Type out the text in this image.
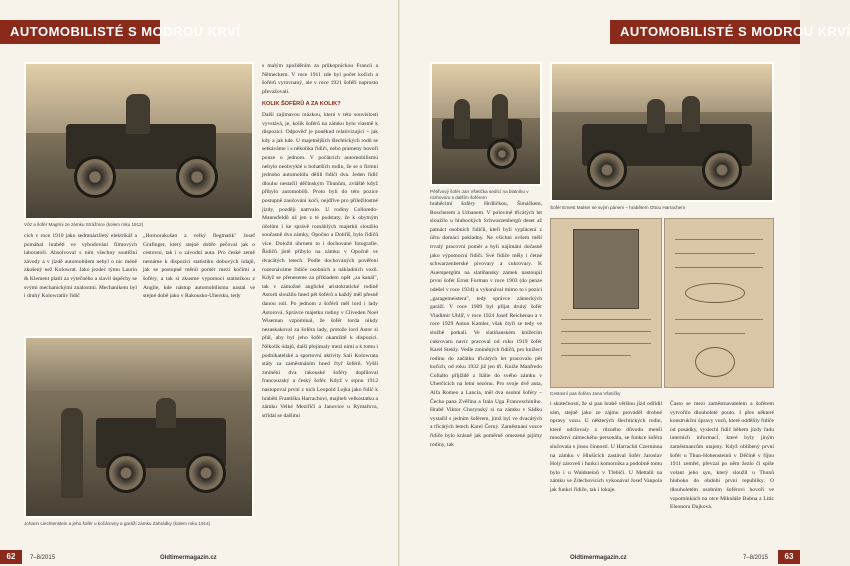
AUTOMOBILISTÉ S MODROU KRVÍ
Vůz a šofér Magrini ze zámku Strážnice (kolem roku 1912)

cích v roce 1910 jako sedmnáctiletý elektrikář a pomáhal hraběti ve vybudování filmových laboratoří. Absolvoval s ním všechny soutěžní závody a v jízdě automobilem nebyl o nic méně zkušený než Kolowrat. Jako jezdec týmu Laurin & Klement platil za výtečného a slavil úspěchy se svými mechanickými znalostmi. Mechanikem byl i druhý Kolowratův řidič

„Hornorakušan a velký flegmatik" Josef Grafinger, který stejně dobře pečoval jak o cestovní, tak i o závodní auta. Pro české země nemáme k dispozici statistiku dobových údajů, jak se postupně měnil poměr mezi kočími a šoféry, a tak si zkusme vypomoci statistikou z Anglie, kde nástup automobilismu nastal ve stejné době jako v Rakousko-Uhersku, tedy

Johann Liechtenstein a jeho šofér u kočárovny a garáží zámku Zahrádky (kolem roku 1914)

s malým zpožděním za průkopnickou Francií a Německem. V roce 1911 zde byl počet kočích a šoférů vyrovnaný, ale v roce 1921 šoféři naprosto převažovali.

KOLIK ŠOFÉRŮ A ZA KOLIK?

Další zajímavou otázkou, která v této souvislosti vyvstává, je, kolik šoférů na zámku bylo vlastně k dispozici. Odpověď je poněkud relativizující – jak kdy a jak kde. U majetnějších šlechtických rodů se setkáváme i s několika řidiči, nebo prameny hovoří pouze o jednom. V počátcích automobilismu nebylo neobvyklé u bohatších rodin, že se o firmní jednoho automobilu dělili řidiči dva. Jeden řidič dlouho nestačil děčínským Thunům, zvláště když přibylo automobilů. Proto byli do této pozice postupně zaučováni kočí, nejdříve pro příležitostné jízdy, později natrvalo. U rodiny Colloredo-Mannsfeldů už jen z té podstaty, že k obytným účelům i ke správě rozsáhlých majetků sloužilo současně dva zámky, Opočno a Dobříš, bylo řidičů více. Doložit úhrnem to i dochované fotografie. Řidičů jistě přibylo na zámku v Opočně ve dvacátých letech. Podle dochovaných pověření rozeznáváme řidiče osobních a nákladních vozů. Když se přeneseme za příkladem opět „za kanál", tak v zámožné anglické aristokratické rodině Astorů sloužilo hned pět šoférů a každý měl přesně danou roli. Po jednom z šoférů měl lord i lady Astorová. Správce majetku rodiny v Cliveden Noel Wiseman vzpomínal, že šofér lorda nikdy nezaskakoval za šoféra lady, protože lord Astor si přál, aby byl jeho šofér okamžitě k dispozici. Několik údajů, další přejímaly mezi nimi a k tomu i podnikatelské a sportovní aktivity Sali Kolowrata stály za zaměstnáním hned čtyř šoférů. Vyšší zmínění dva rakouské šoféry doplňoval francouzský a český šofér. Když v srpnu 1912 nastupoval první z nich Leopold Lojka jako řidič k hraběti Františku Harrachovi, majiteli velkostatku a zámku Velké Meziříčí a Janovice u Rýmařova, střídal se dalšími

62	7–8/2015	Oldtimermagazin.cz
AUTOMOBILISTÉ S MODROU KRVÍ
Pětiřvový šofér Jan Všetička sedící na blatníku v rozhovoru s dalším šoférem
Šofér Ernest Malser se svým pánem – hrabětem Ottou Harrachem
Cestovní pas šoféra Jana Všetičky

hraběcími šoféry Hrdličkou, Šimáčkem, Roscherem a Urbanem. V polovině třicátých let sloužilo u hlubockých Schwarzenbergů deset až patnáct osobních řidičů, kteří byli vyplácení z účtu domácí pokladny. Ne všichni ovšem měli trvalý pracovní poměr a byli najímáni dočasně jako výpomocní řidiči. Své řidiče měly i četné schwarzenberské pivovary a cukrovary. K Auerspergům na slatiňanský zámek nastoupil první šofér Ernst Forman v roce 1903 (do penze odešel v roce 1934) a vykonával mimo to i pozici „garagemeistera", tedy správce zámeckých garáží. V roce 1909 byl přijat druhý šofér Vladimír Uhlíř, v roce 1924 Josef Reichenau a v roce 1929 Anton Kamler, však čtyři se tedy ve službě potkali. Ve slatiňanském knížecím cukrovaru navíc pracoval od roku 1919 šofér Karel Stekly. Vedle zmíněných řidičů, pro knížecí rodinu do začátku třicátých let pracovalo pět kočích, od roku 1932 již jen tři. Kníže Manfredo Collalto přijíždě z Itálie do svého zámku v Uherčicích na letní sezónu. Pro svoje dvě auta, Alfa Romeo a Lancia, měl dva osobní šoféry – Čecha pana Zvěřina a Itala Uga Franceschiniho. Hrabě Viktor Chorynský si na zámku v Sádku vystačil s jedním šoférem, jímž byl ve dvacátých a třicátých letech Karel Černý. Zaměstnání vozce řidiče bylo krásně jak poměrně omezené pijímy rodiny, tak

i skutečností, že si pan hrabě většinu jízd odřídil sám, stejně jako ze zájmu prováděl drobné opravy vozu. U některých šlechtických rodin, které udržovaly z různého důvodu menší množství zámeckého personálu, se funkce šoféra slučovala s jinou činností. U Harrachů Czerninna na zámku v Hlušicích zastával šofér Jaroslav Holý zároveň i funkci komorníka a podobně tomu bylo i u Waldsteinů v Třebíči. U Mettalů na zámku ve Zdechovicích vykonával Josef Vanpola jak funkci řidiče, tak i lokaje.

Často se mezi zaměstnavatelem a šoférem vytvořilo dlouholeté pouto. I přes některé konstrukční úpravy vozů, které oddělily řidiče od posádky, vyslechl řidič během jízdy řadu interních informací, které byly jiným zaměstnancům utajeny. Když oblíbený první šofér u Thun-Hohensteinů v Děčíně v říjnu 1911 zemřel, převzal po něm žezlo či spíše volant jeho syn, který sloužil u Thunů hluboko do období první republiky. O dlouholetém osobním šoférovi hovoří ve vzpomínkách na otce Mikuláše Bubna z Litic Eleonora Dujková.

Oldtimermagazin.cz	7–8/2015	63
